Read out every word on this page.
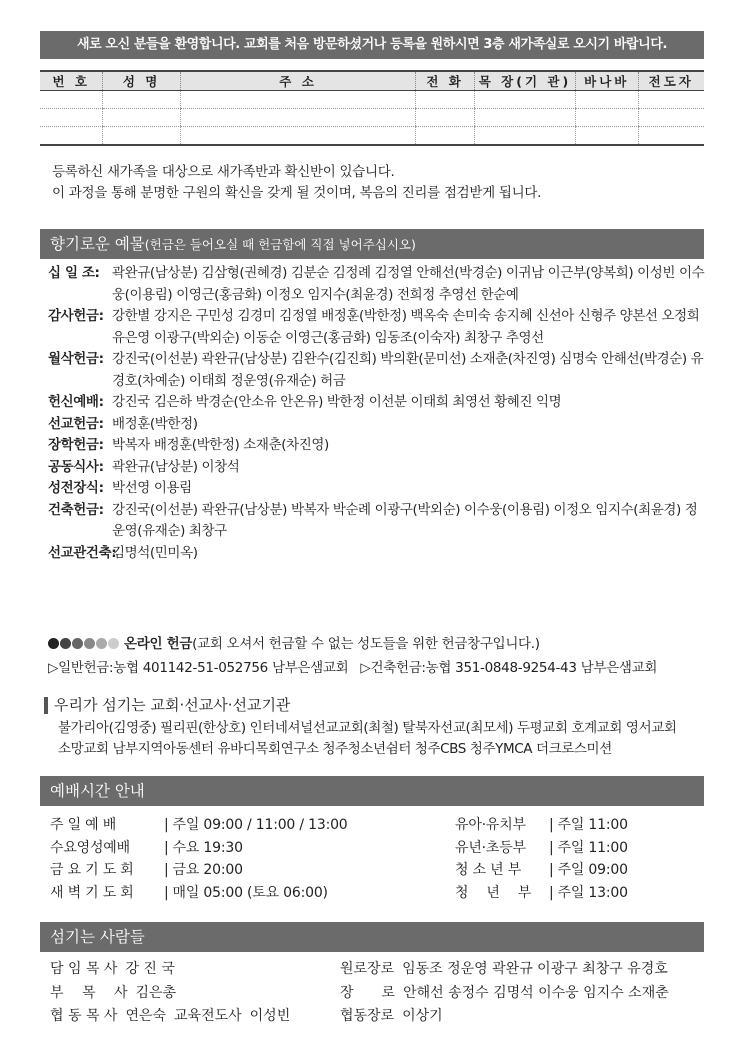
새로 오신 분들을 환영합니다. 교회를 처음 방문하셨거나 등록을 원하시면 3층 새가족실로 오시기 바랍니다.
번 호	성 명	주 소	전 화	목 장(기 관)	바나바	전도자

등록하신 새가족을 대상으로 새가족반과 확신반이 있습니다.
이 과정을 통해 분명한 구원의 확신을 갖게 될 것이며, 복음의 진리를 점검받게 됩니다.
향기로운 예물(헌금은 들어오실 때 헌금함에 직접 넣어주십시오)
십 일 조: 곽완규(남상분) 김삼형(권혜경) 김분순 김정례 김정열 안해선(박경순) 이귀남 이근부(양복희) 이성빈 이수웅(이용림) 이영근(홍금화) 이정오 임지수(최윤경) 전희정 추영선 한순예
감사헌금: 강한별 강지은 구민성 김경미 김정열 배정훈(박한정) 백옥숙 손미숙 송지혜 신선아 신형주 양본선 오정희 유은영 이광구(박외순) 이동순 이영근(홍금화) 임동조(이숙자) 최창구 추영선
월삭헌금: 강진국(이선분) 곽완규(남상분) 김완수(김진희) 박의환(문미선) 소재춘(차진영) 심명숙 안해선(박경순) 유경호(차예순) 이태희 정운영(유재순) 허금
헌신예배: 강진국 김은하 박경순(안소유 안온유) 박한정 이선분 이태희 최영선 황혜진 익명
선교헌금: 배정훈(박한정)
장학헌금: 박복자 배정훈(박한정) 소재춘(차진영)
공동식사: 곽완규(남상분) 이창석
성전장식: 박선영 이용림
건축헌금: 강진국(이선분) 곽완규(남상분) 박복자 박순례 이광구(박외순) 이수웅(이용림) 이정오 임지수(최윤경) 정운영(유재순) 최창구
선교관건축:
김명석(민미옥)
온라인 헌금(교회 오셔서 헌금할 수 없는 성도들을 위한 헌금창구입니다.)
▷일반헌금:농협 401142-51-052756 남부은샘교회 ▷건축헌금:농협 351-0848-9254-43 남부은샘교회
우리가 섬기는 교회·선교사·선교기관
불가리아(김영중) 필리핀(한상호) 인터네셔널선교교회(최철) 탈북자선교(최모세) 두평교회 호계교회 영서교회
소망교회 남부지역아동센터 유바디목회연구소 청주청소년쉼터 청주CBS 청주YMCA 더크로스미션
예배시간 안내
주 일 예 배	| 주일 09:00 / 11:00 / 13:00
수요영성예배	| 수요 19:30
금 요 기 도 회	| 금요 20:00
새 벽 기 도 회	| 매일 05:00 (토요 06:00)
유아·유치부	| 주일 11:00
유년·초등부	| 주일 11:00
청 소 년 부	| 주일 09:00
청　 년　 부	| 주일 13:00
섬기는 사람들
담 임 목 사 강 진 국
부　 목　 사 김은총
협 동 목 사 연은숙 교육전도사 이성빈
원로장로 임동조 정운영 곽완규 이광구 최창구 유경호
장　　로 안해선 송정수 김명석 이수웅 임지수 소재춘
협동장로 이상기
